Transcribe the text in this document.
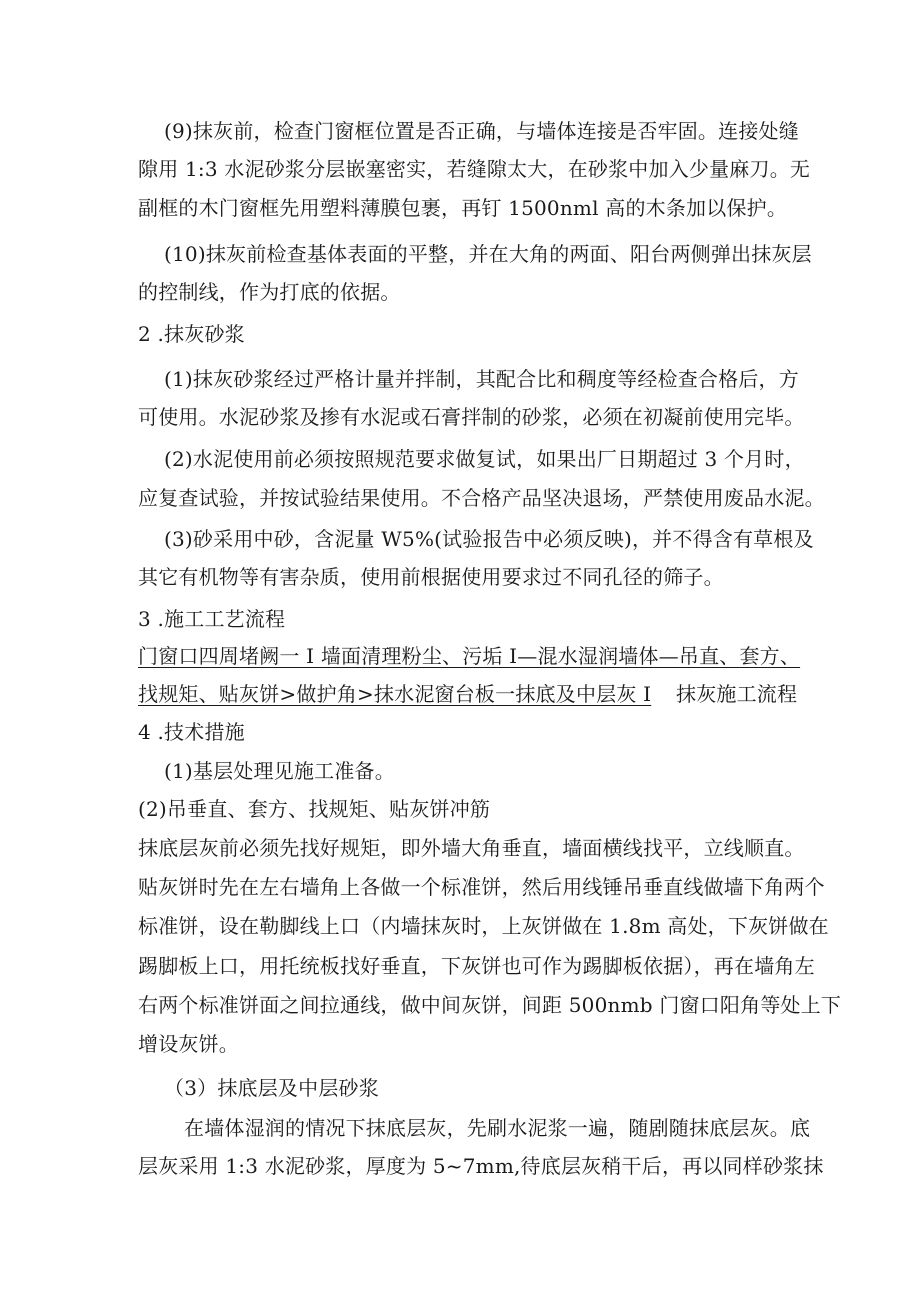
(9)抹灰前，检查门窗框位置是否正确，与墙体连接是否牢固。连接处缝
隙用 1:3 水泥砂浆分层嵌塞密实，若缝隙太大，在砂浆中加入少量麻刀。无
副框的木门窗框先用塑料薄膜包裹，再钉 1500nml 高的木条加以保护。
(10)抹灰前检查基体表面的平整，并在大角的两面、阳台两侧弹出抹灰层
的控制线，作为打底的依据。
2 .抹灰砂浆
(1)抹灰砂浆经过严格计量并拌制，其配合比和稠度等经检查合格后，方
可使用。水泥砂浆及掺有水泥或石膏拌制的砂浆，必须在初凝前使用完毕。
(2)水泥使用前必须按照规范要求做复试，如果出厂日期超过 3 个月时，
应复查试验，并按试验结果使用。不合格产品坚决退场，严禁使用废品水泥。
(3)砂采用中砂，含泥量 W5%(试验报告中必须反映)，并不得含有草根及
其它有机物等有害杂质，使用前根据使用要求过不同孔径的筛子。
3 .施工工艺流程
门窗口四周堵阙一 I 墙面清理粉尘、污垢 I—混水湿润墙体—吊直、套方、
找规矩、贴灰饼>做护角>抹水泥窗台板一抹底及中层灰 I 抹灰施工流程
4 .技术措施
(1)基层处理见施工准备。
(2)吊垂直、套方、找规矩、贴灰饼冲筋
抹底层灰前必须先找好规矩，即外墙大角垂直，墙面横线找平，立线顺直。
贴灰饼时先在左右墙角上各做一个标准饼，然后用线锤吊垂直线做墙下角两个
标准饼，设在勒脚线上口（内墙抹灰时，上灰饼做在 1.8m 高处，下灰饼做在
踢脚板上口，用托统板找好垂直，下灰饼也可作为踢脚板依据），再在墙角左
右两个标准饼面之间拉通线，做中间灰饼，间距 500nmb 门窗口阳角等处上下
增设灰饼。
（3）抹底层及中层砂浆
在墙体湿润的情况下抹底层灰，先刷水泥浆一遍，随剧随抹底层灰。底
层灰采用 1:3 水泥砂浆，厚度为 5~7mm,待底层灰稍干后，再以同样砂浆抹
